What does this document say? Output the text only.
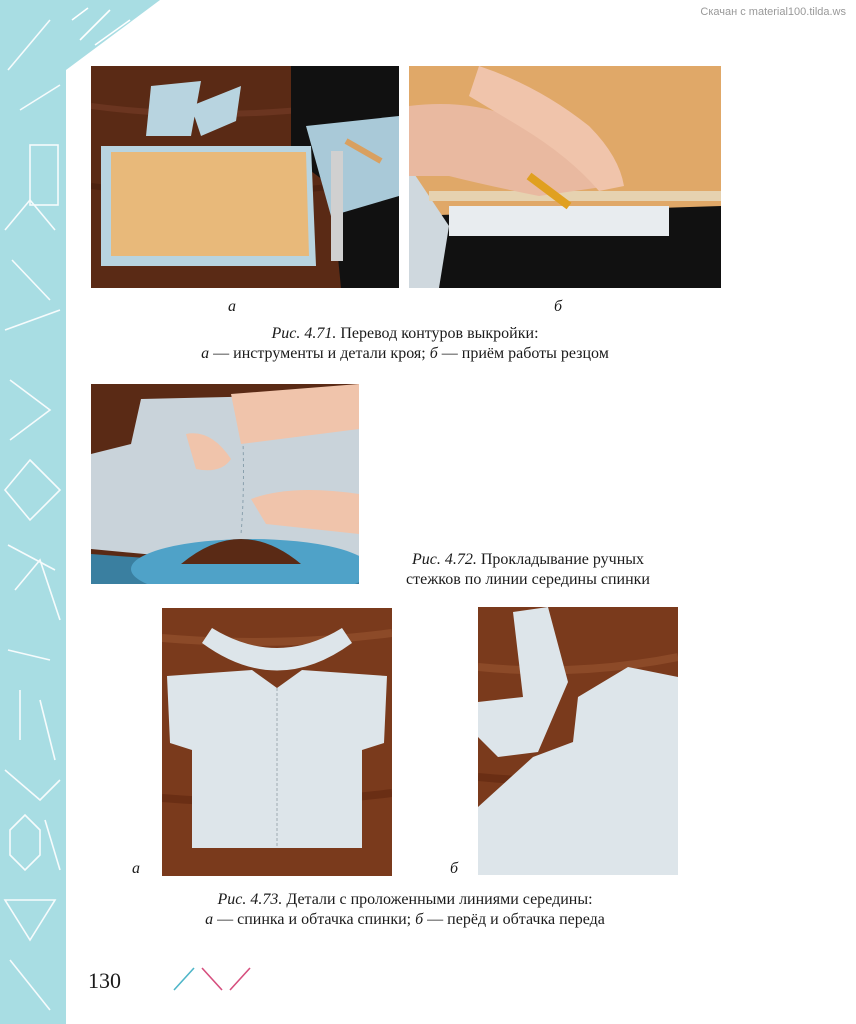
Скачан с material100.tilda.ws
а	б
Рис. 4.71. Перевод контуров выкройки:
а — инструменты и детали кроя; б — приём работы резцом
Рис. 4.72. Прокладывание ручных
стежков по линии середины спинки
а	б
Рис. 4.73. Детали с проложенными линиями середины:
а — спинка и обтачка спинки; б — перёд и обтачка переда
130
